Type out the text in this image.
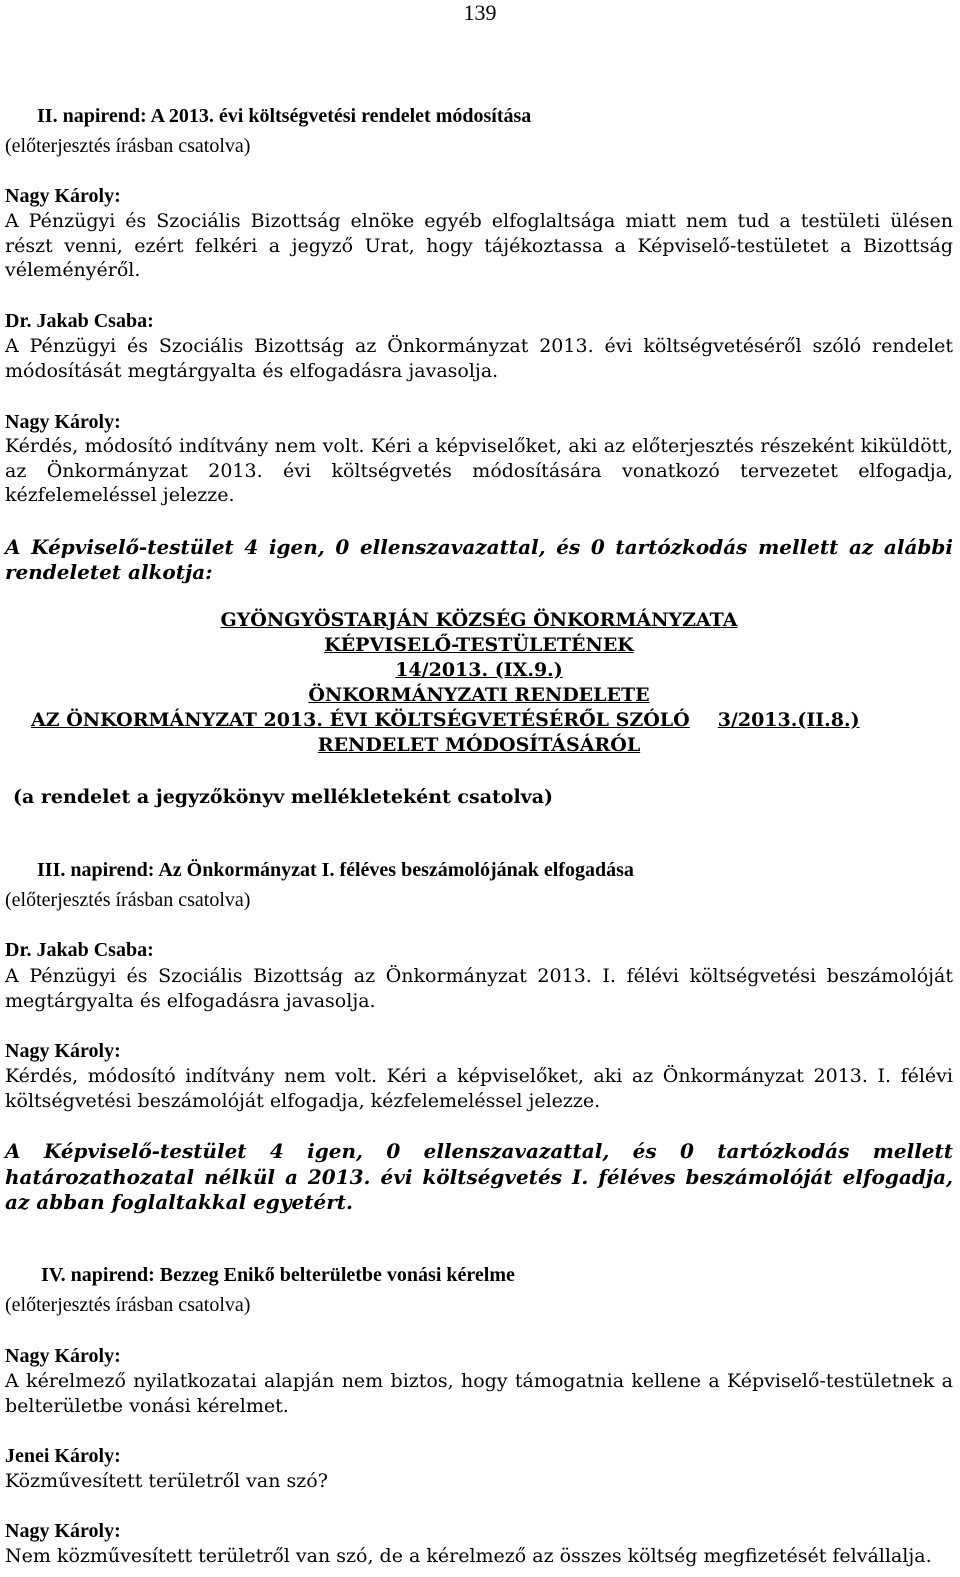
139
II. napirend: A 2013. évi költségvetési rendelet módosítása
(előterjesztés írásban csatolva)
Nagy Károly:
A Pénzügyi és Szociális Bizottság elnöke egyéb elfoglaltsága miatt nem tud a testületi ülésen részt venni, ezért felkéri a jegyző Urat, hogy tájékoztassa a Képviselő-testületet a Bizottság véleményéről.
Dr. Jakab Csaba:
A Pénzügyi és Szociális Bizottság az Önkormányzat 2013. évi költségvetéséről szóló rendelet módosítását megtárgyalta és elfogadásra javasolja.
Nagy Károly:
Kérdés, módosító indítvány nem volt. Kéri a képviselőket, aki az előterjesztés részeként kiküldött, az Önkormányzat 2013. évi költségvetés módosítására vonatkozó tervezetet elfogadja, kézfelemeléssel jelezze.
A Képviselő-testület 4 igen, 0 ellenszavazattal, és 0 tartózkodás mellett az alábbi rendeletet alkotja:
GYÖNGYÖSTARJÁN KÖZSÉG ÖNKORMÁNYZATA
KÉPVISELŐ-TESTÜLETÉNEK
14/2013. (IX.9.)
ÖNKORMÁNYZATI RENDELETE
AZ ÖNKORMÁNYZAT 2013. ÉVI KÖLTSÉGVETÉSÉRŐL SZÓLÓ 3/2013.(II.8.)
RENDELET MÓDOSÍTÁSÁRÓL
(a rendelet a jegyzőkönyv mellékleteként csatolva)
III. napirend: Az Önkormányzat I. féléves beszámolójának elfogadása
(előterjesztés írásban csatolva)
Dr. Jakab Csaba:
A Pénzügyi és Szociális Bizottság az Önkormányzat 2013. I. félévi költségvetési beszámolóját megtárgyalta és elfogadásra javasolja.
Nagy Károly:
Kérdés, módosító indítvány nem volt. Kéri a képviselőket, aki az Önkormányzat 2013. I. félévi költségvetési beszámolóját elfogadja, kézfelemeléssel jelezze.
A Képviselő-testület 4 igen, 0 ellenszavazattal, és 0 tartózkodás mellett határozathozatal nélkül a 2013. évi költségvetés I. féléves beszámolóját elfogadja, az abban foglaltakkal egyetért.
IV. napirend: Bezzeg Enikő belterületbe vonási kérelme
(előterjesztés írásban csatolva)
Nagy Károly:
A kérelmező nyilatkozatai alapján nem biztos, hogy támogatnia kellene a Képviselő-testületnek a belterületbe vonási kérelmet.
Jenei Károly:
Közművesített területről van szó?
Nagy Károly:
Nem közművesített területről van szó, de a kérelmező az összes költség megfizetését felvállalja.
